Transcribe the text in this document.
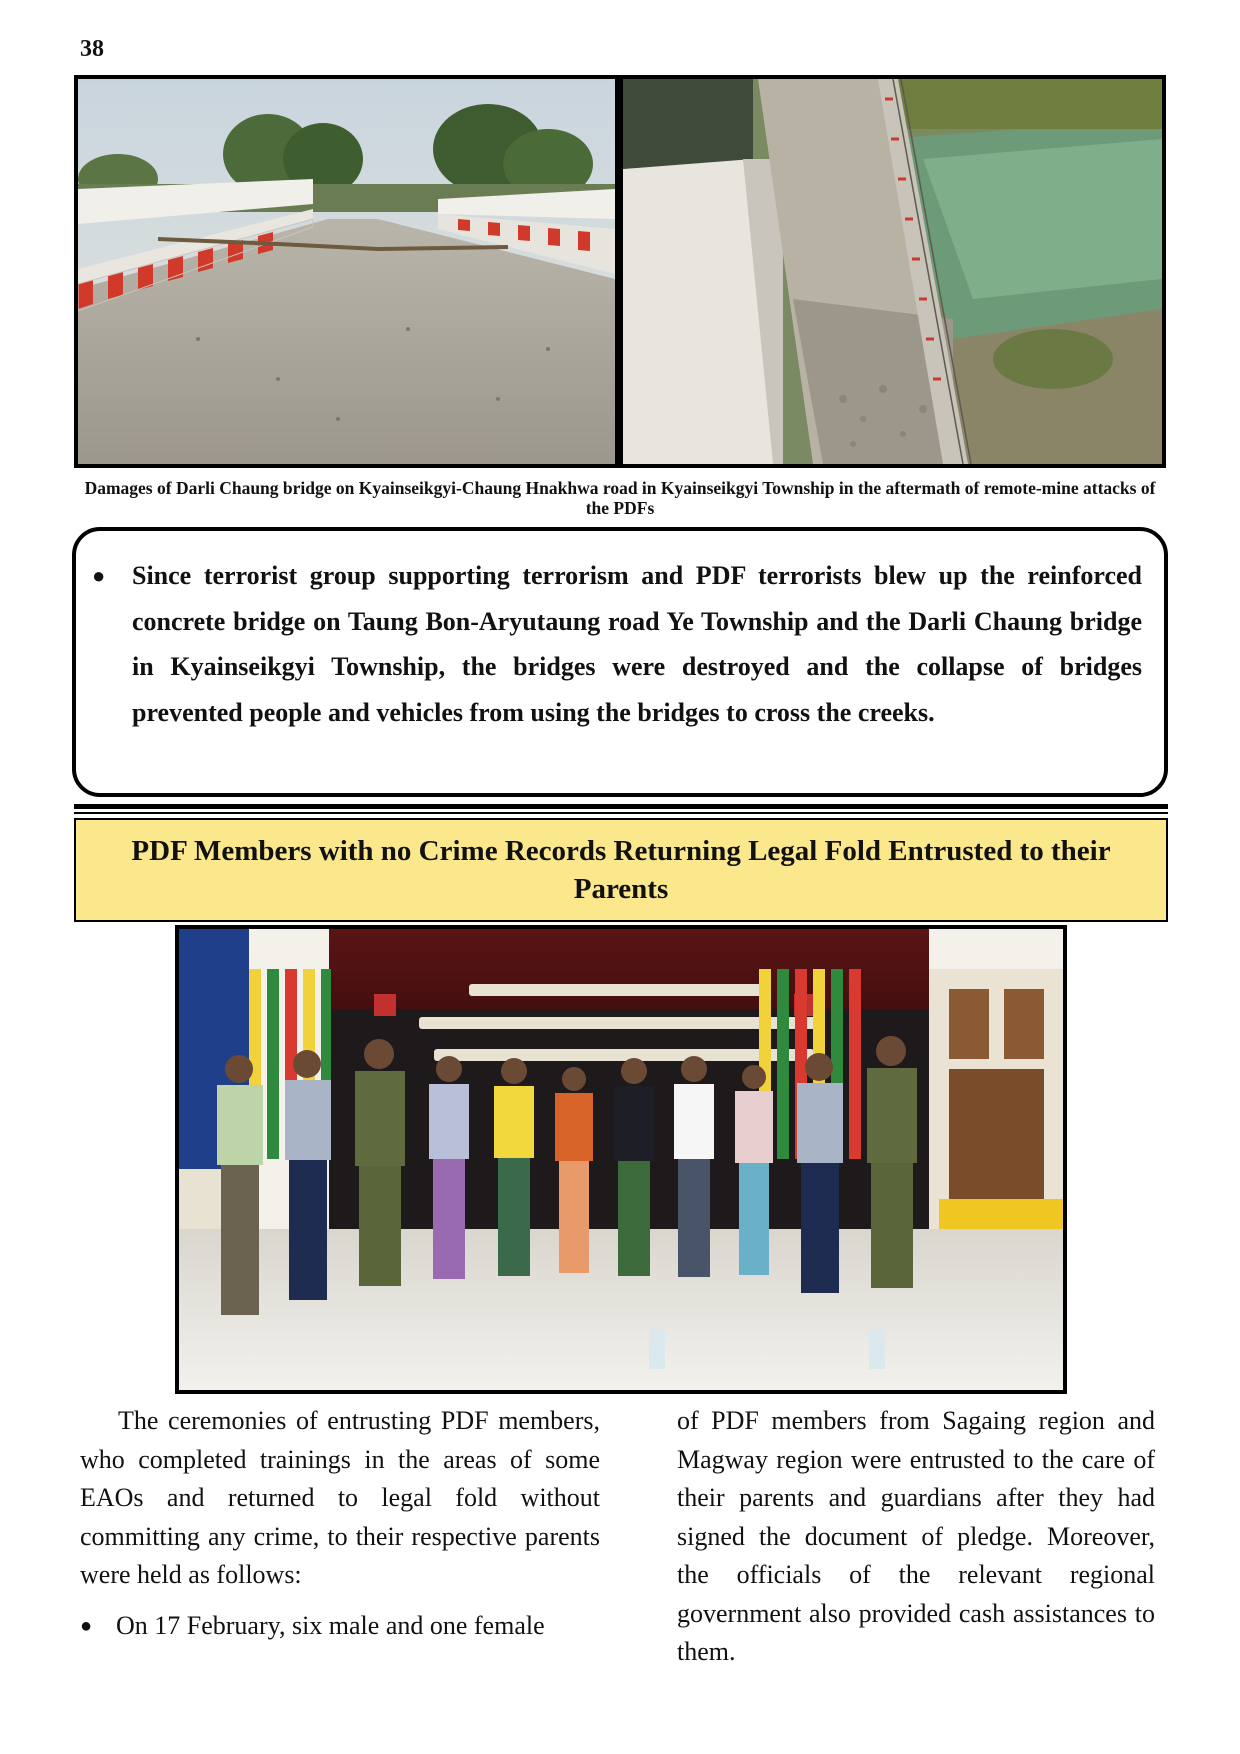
38
Damages of Darli Chaung bridge on Kyainseikgyi-Chaung Hnakhwa road in Kyainseikgyi Township in the aftermath of remote-mine attacks of the PDFs
● Since terrorist group supporting terrorism and PDF terrorists blew up the reinforced concrete bridge on Taung Bon-Aryutaung road Ye Township and the Darli Chaung bridge in Kyainseikgyi Township, the bridges were destroyed and the collapse of bridges prevented people and vehicles from using the bridges to cross the creeks.
PDF Members with no Crime Records Returning Legal Fold Entrusted to their Parents

The ceremonies of entrusting PDF members, who completed trainings in the areas of some EAOs and returned to legal fold without committing any crime, to their respective parents were held as follows:

● On 17 February, six male and one female

of PDF members from Sagaing region and Magway region were entrusted to the care of their parents and guardians after they had signed the document of pledge. Moreover, the officials of the relevant regional government also provided cash assistances to them.
